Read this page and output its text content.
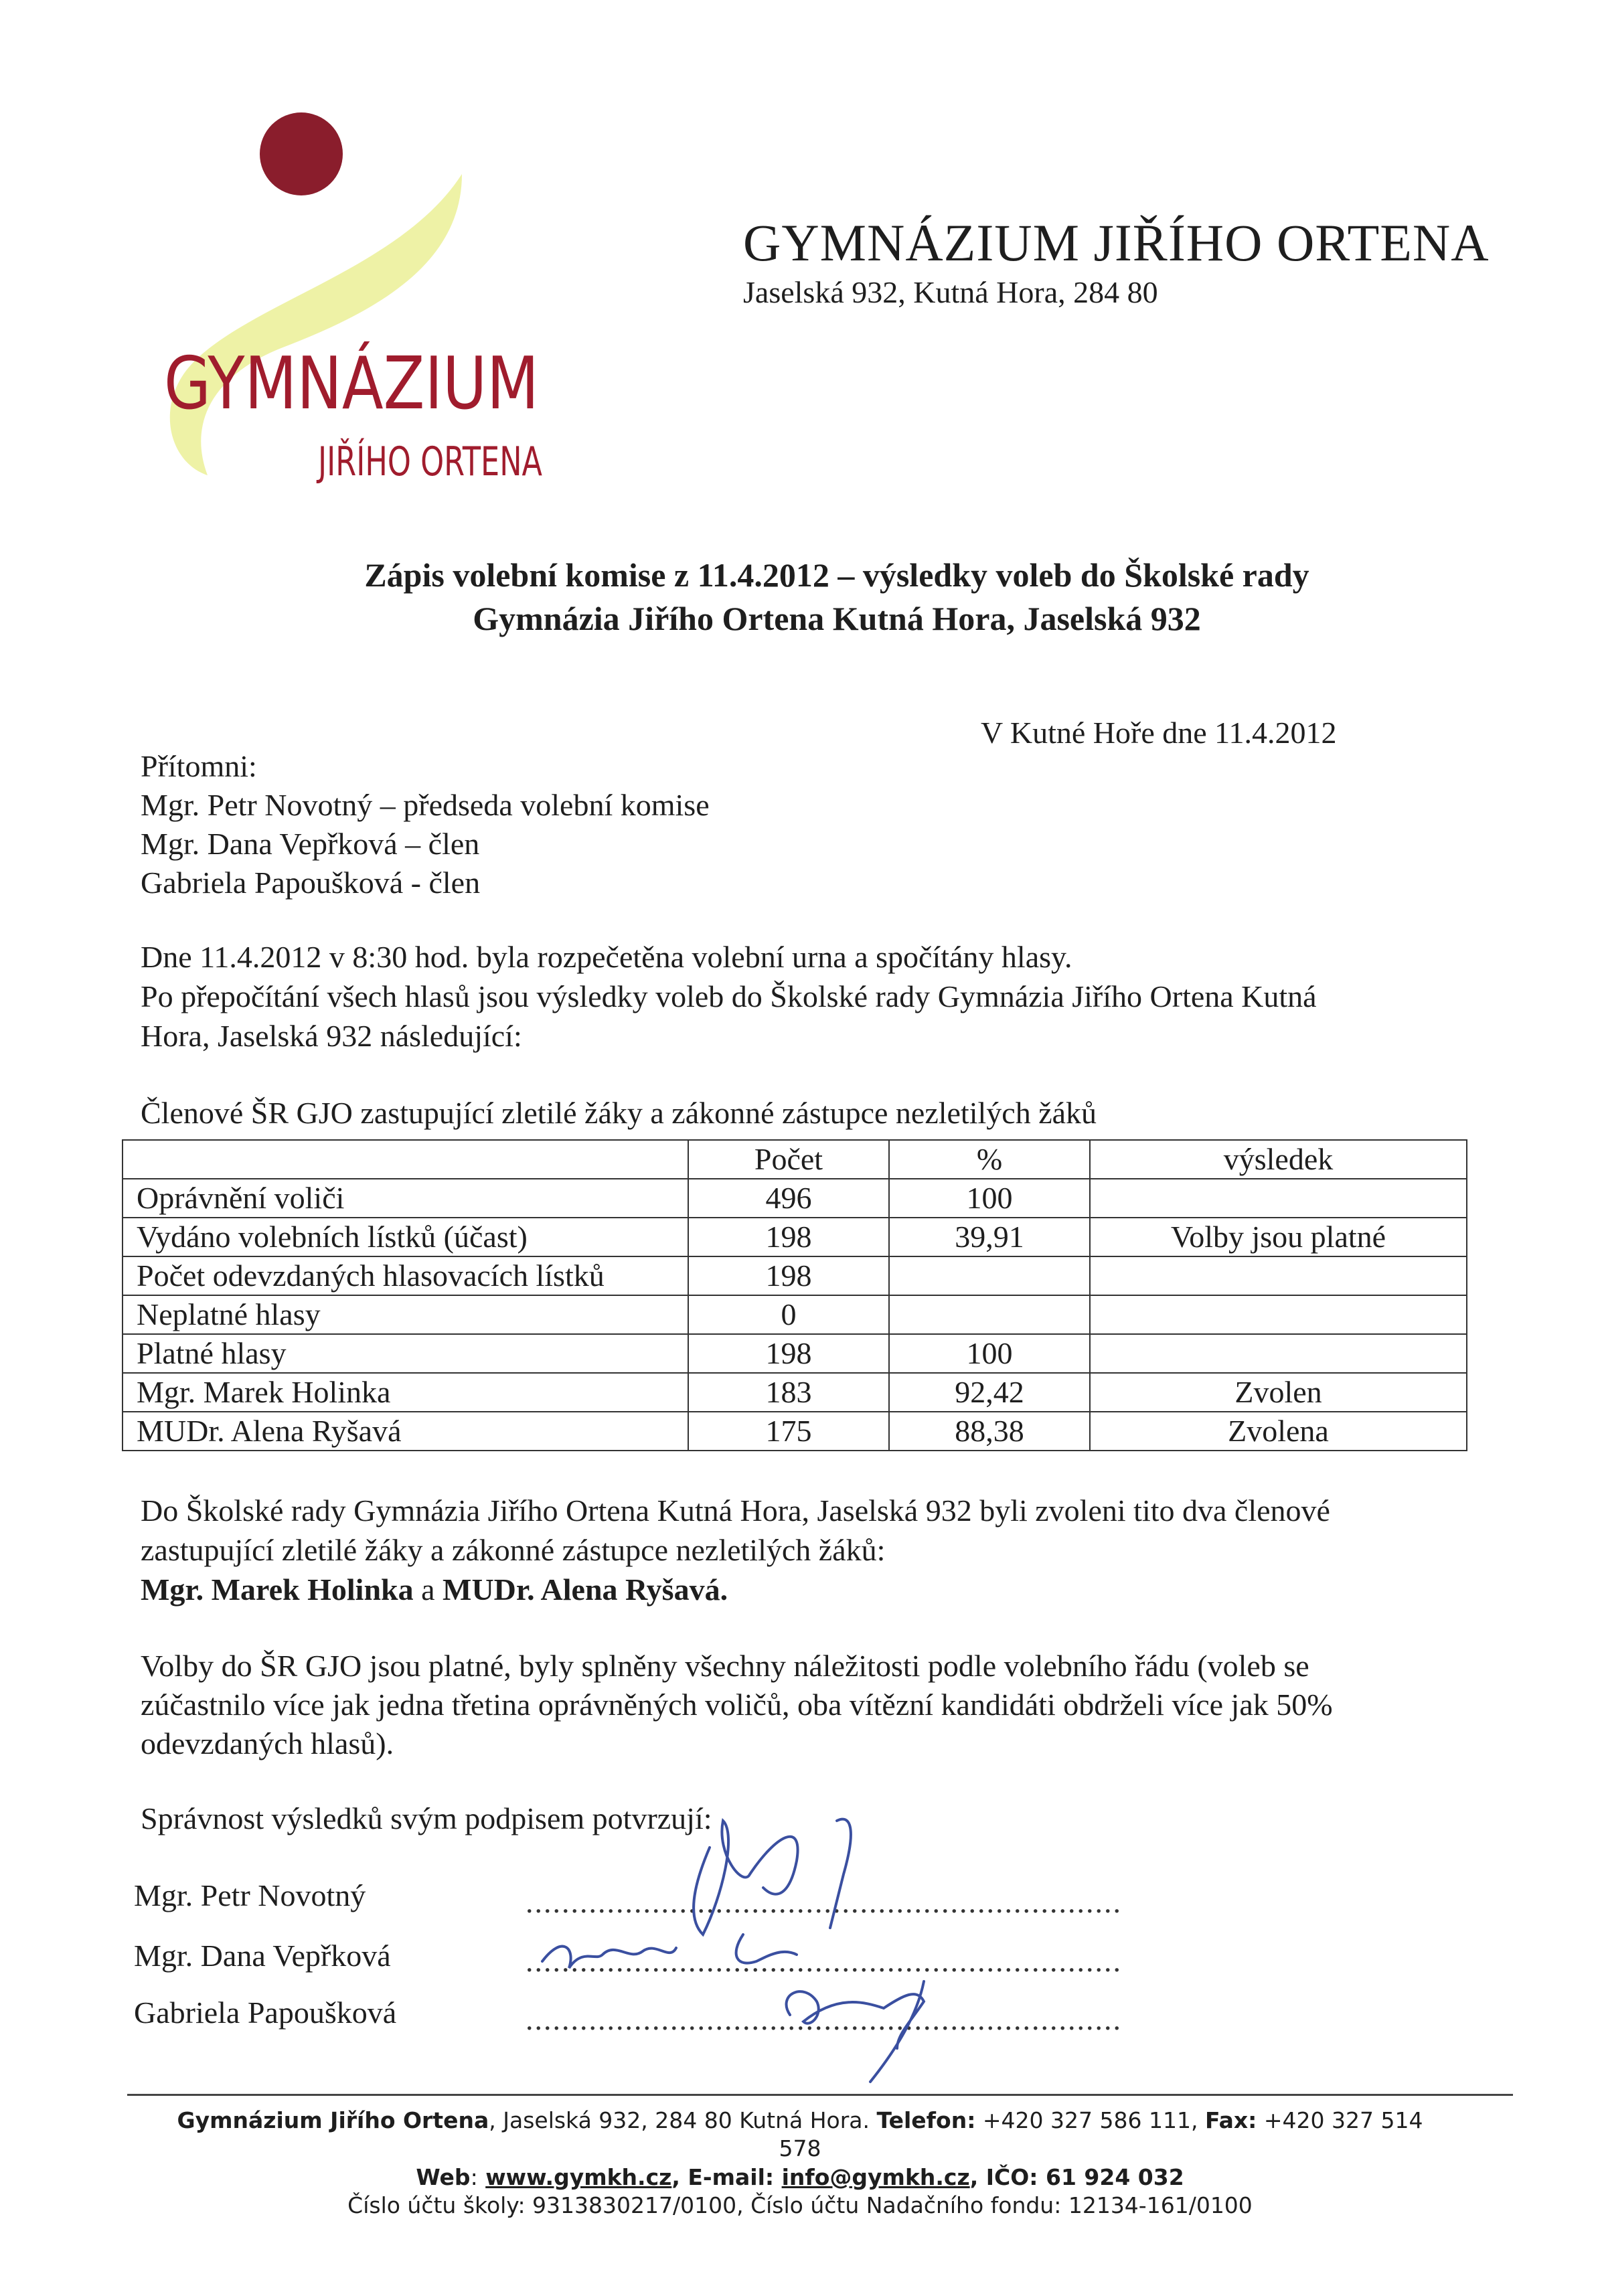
GYMNÁZIUM
JIŘÍHO ORTENA
GYMNÁZIUM JIŘÍHO ORTENA
Jaselská 932, Kutná Hora, 284 80
Zápis volební komise z 11.4.2012 – výsledky voleb do Školské rady
Gymnázia Jiřího Ortena Kutná Hora, Jaselská 932
V Kutné Hoře dne 11.4.2012
Přítomni:
Mgr. Petr Novotný – předseda volební komise
Mgr. Dana Vepřková – člen
Gabriela Papoušková - člen
Dne 11.4.2012 v 8:30 hod. byla rozpečetěna volební urna a spočítány hlasy.
Po přepočítání všech hlasů jsou výsledky voleb do Školské rady Gymnázia Jiřího Ortena Kutná
Hora, Jaselská 932 následující:
Členové ŠR GJO zastupující zletilé žáky a zákonné zástupce nezletilých žáků
	Počet	%	výsledek
Oprávnění voliči	496	100	
Vydáno volebních lístků (účast)	198	39,91	Volby jsou platné
Počet odevzdaných hlasovacích lístků	198		
Neplatné hlasy	0		
Platné hlasy	198	100	
Mgr. Marek Holinka	183	92,42	Zvolen
MUDr. Alena Ryšavá	175	88,38	Zvolena
Do Školské rady Gymnázia Jiřího Ortena Kutná Hora, Jaselská 932 byli zvoleni tito dva členové
zastupující zletilé žáky a zákonné zástupce nezletilých žáků:
Mgr. Marek Holinka a MUDr. Alena Ryšavá.
Volby do ŠR GJO jsou platné, byly splněny všechny náležitosti podle volebního řádu (voleb se
zúčastnilo více jak jedna třetina oprávněných voličů, oba vítězní kandidáti obdrželi více jak 50%
odevzdaných hlasů).
Správnost výsledků svým podpisem potvrzují:
Mgr. Petr Novotný
Mgr. Dana Vepřková
Gabriela Papoušková
..................................................................
..................................................................
..................................................................
Gymnázium Jiřího Ortena, Jaselská 932, 284 80 Kutná Hora. Telefon: +420 327 586 111, Fax: +420 327 514
578
Web: www.gymkh.cz, E-mail: info@gymkh.cz, IČO: 61 924 032
Číslo účtu školy: 9313830217/0100, Číslo účtu Nadačního fondu: 12134-161/0100
